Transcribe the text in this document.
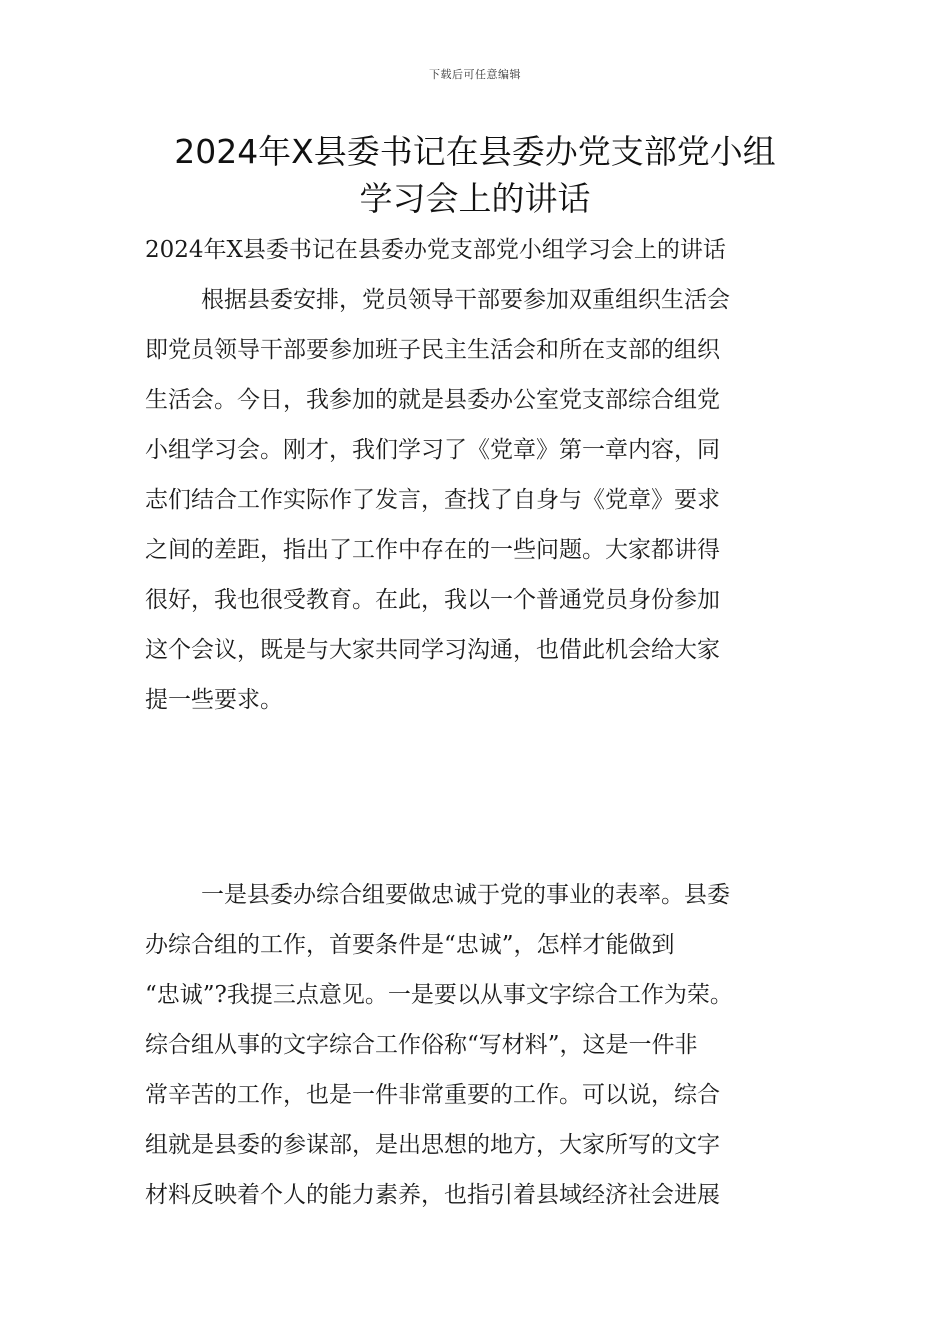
下载后可任意编辑
2024年X县委书记在县委办党支部党小组
学习会上的讲话
2024年X县委书记在县委办党支部党小组学习会上的讲话
根据县委安排，党员领导干部要参加双重组织生活会
即党员领导干部要参加班子民主生活会和所在支部的组织
生活会。今日，我参加的就是县委办公室党支部综合组党
小组学习会。刚才，我们学习了《党章》第一章内容，同
志们结合工作实际作了发言，查找了自身与《党章》要求
之间的差距，指出了工作中存在的一些问题。大家都讲得
很好，我也很受教育。在此，我以一个普通党员身份参加
这个会议，既是与大家共同学习沟通，也借此机会给大家
提一些要求。
一是县委办综合组要做忠诚于党的事业的表率。县委
办综合组的工作，首要条件是“忠诚”，怎样才能做到
“忠诚”?我提三点意见。一是要以从事文字综合工作为荣。
综合组从事的文字综合工作俗称“写材料”，这是一件非
常辛苦的工作，也是一件非常重要的工作。可以说，综合
组就是县委的参谋部，是出思想的地方，大家所写的文字
材料反映着个人的能力素养，也指引着县域经济社会进展
